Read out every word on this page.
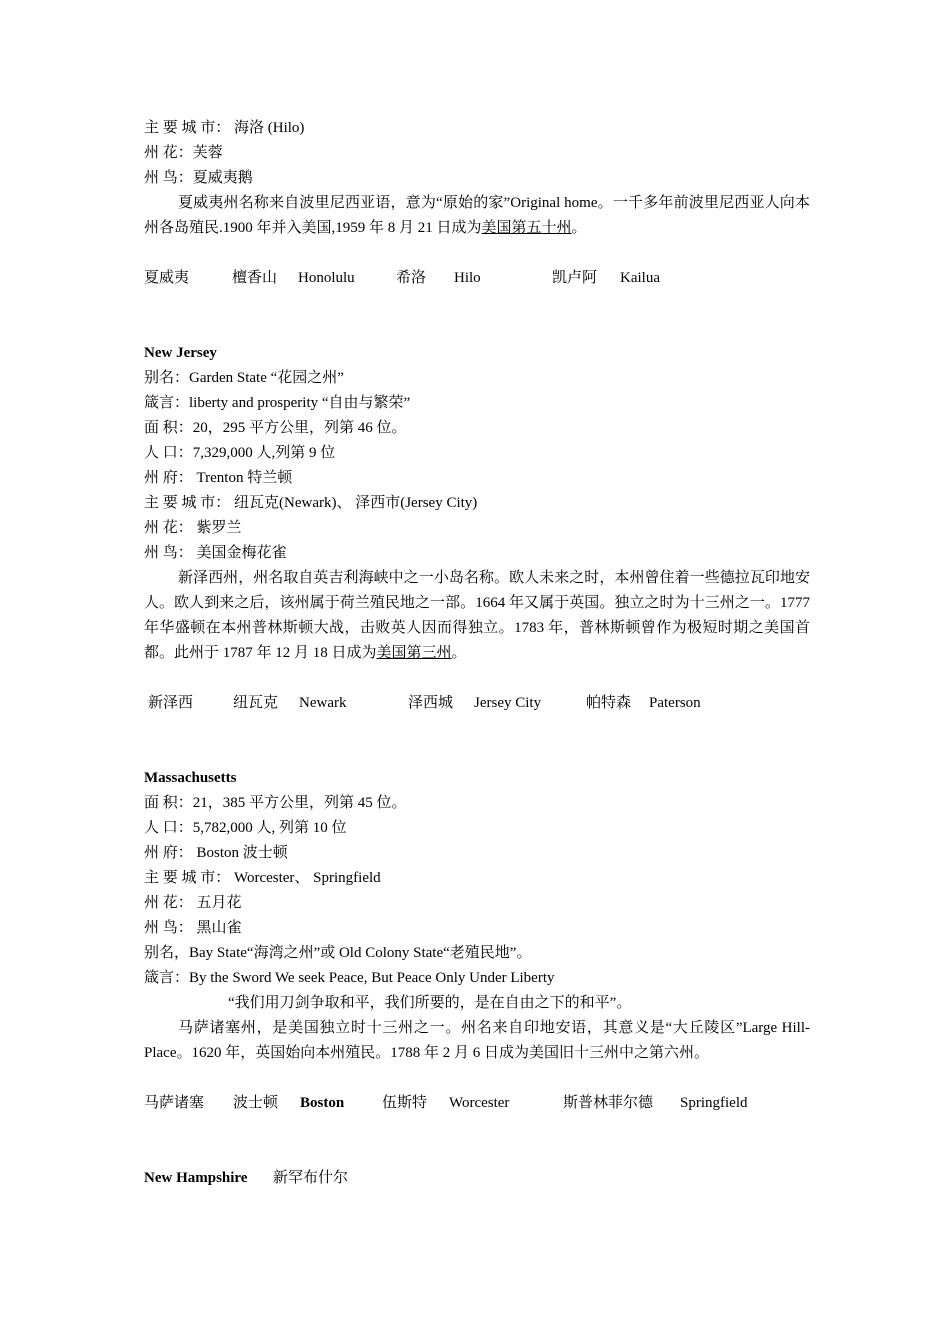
主 要 城 市： 海洛 (Hilo)
州 花：芙蓉
州 鸟：夏威夷鹅
夏威夷州名称来自波里尼西亚语，意为“原始的家”Original home。一千多年前波里尼西亚人向本州各岛殖民.1900 年并入美国,1959 年 8 月 21 日成为美国第五十州。
夏威夷	檀香山	Honolulu	希洛	Hilo	凯卢阿	Kailua
New Jersey
别名：Garden State “花园之州”
箴言：liberty and prosperity “自由与繁荣”
面 积：20，295 平方公里，列第 46 位。
人 口：7,329,000 人,列第 9 位
州 府： Trenton 特兰顿
主 要 城 市： 纽瓦克(Newark)、 泽西市(Jersey City)
州 花： 紫罗兰
州 鸟： 美国金梅花雀
新泽西州，州名取自英吉利海峡中之一小岛名称。欧人未来之时，本州曾住着一些德拉瓦印地安人。欧人到来之后，该州属于荷兰殖民地之一部。1664 年又属于英国。独立之时为十三州之一。1777 年华盛顿在本州普林斯顿大战，击败英人因而得独立。1783 年，普林斯顿曾作为极短时期之美国首都。此州于 1787 年 12 月 18 日成为美国第三州。
新泽西	纽瓦克	Newark	泽西城	Jersey City	帕特森	Paterson
Massachusetts
面 积：21，385 平方公里，列第 45 位。
人 口：5,782,000 人, 列第 10 位
州 府： Boston 波士顿
主 要 城 市： Worcester、 Springfield
州 花： 五月花
州 鸟： 黑山雀
别名，Bay State“海湾之州”或 Old Colony State“老殖民地”。
箴言：By the Sword We seek Peace, But Peace Only Under Liberty
“我们用刀剑争取和平，我们所要的，是在自由之下的和平”。
马萨诸塞州，是美国独立时十三州之一。州名来自印地安语，其意义是“大丘陵区”Large Hill-Place。1620 年，英国始向本州殖民。1788 年 2 月 6 日成为美国旧十三州中之第六州。
马萨诸塞	波士顿	Boston	伍斯特	Worcester	斯普林菲尔德	Springfield
New Hampshire 新罕布什尔
